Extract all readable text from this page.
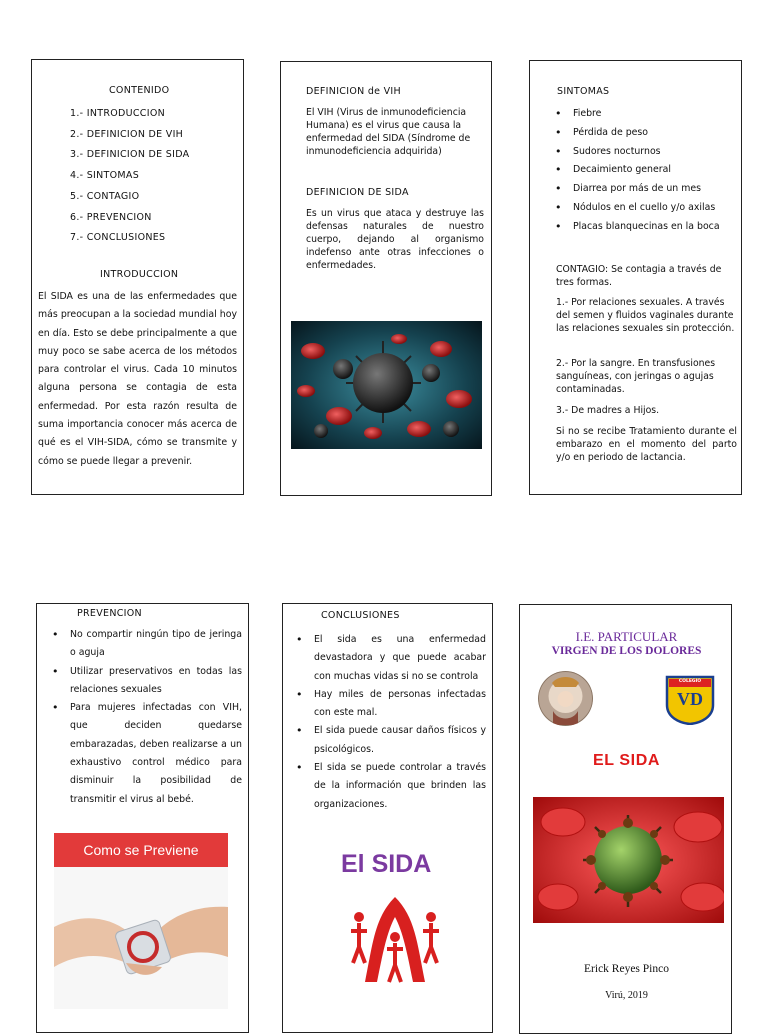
CONTENIDO
1.- INTRODUCCION
2.- DEFINICION DE VIH
3.- DEFINICION DE SIDA
4.- SINTOMAS
5.- CONTAGIO
6.- PREVENCION
7.- CONCLUSIONES
INTRODUCCION
El SIDA es una de las enfermedades que más preocupan a la sociedad mundial hoy en día. Esto se debe principalmente a que muy poco se sabe acerca de los métodos para controlar el virus. Cada 10 minutos alguna persona se contagia de esta enfermedad. Por esta razón resulta de suma importancia conocer más acerca de qué es el VIH-SIDA, cómo se transmite y cómo se puede llegar a prevenir.
DEFINICION de VIH
El VIH (Virus de inmunodeficiencia Humana) es el virus que causa la enfermedad del SIDA (Síndrome de inmunodeficiencia adquirida)
DEFINICION DE SIDA
Es un virus que ataca y destruye las defensas naturales de nuestro cuerpo, dejando al organismo indefenso ante otras infecciones o enfermedades.
SINTOMAS
• Fiebre
• Pérdida de peso
• Sudores nocturnos
• Decaimiento general
• Diarrea por más de un mes
• Nódulos en el cuello y/o axilas
• Placas blanquecinas en la boca
CONTAGIO: Se contagia a través de tres formas.
1.- Por relaciones sexuales. A través del semen y fluidos vaginales durante las relaciones sexuales sin protección.
2.- Por la sangre. En transfusiones sanguíneas, con jeringas o agujas contaminadas.
3.- De madres a Hijos.
Si no se recibe Tratamiento durante el embarazo en el momento del parto y/o en periodo de lactancia.
PREVENCION
• No compartir ningún tipo de jeringa o aguja
• Utilizar preservativos en todas las relaciones sexuales
• Para mujeres infectadas con VIH, que deciden quedarse embarazadas, deben realizarse a un exhaustivo control médico para disminuir la posibilidad de transmitir el virus al bebé.
Como se Previene
CONCLUSIONES
• El sida es una enfermedad devastadora y que puede acabar con muchas vidas si no se controla
• Hay miles de personas infectadas con este mal.
• El sida puede causar daños físicos y psicológicos.
• El sida se puede controlar a través de la información que brinden las organizaciones.
El SIDA
I.E. PARTICULAR
VIRGEN DE LOS DOLORES
COLEGIO
VD
EL SIDA
Erick Reyes Pinco
Virú, 2019
